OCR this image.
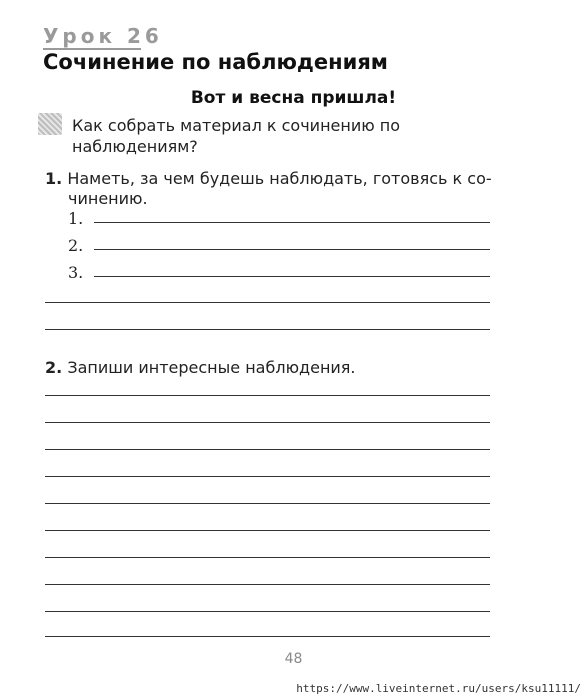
Урок 26
Сочинение по наблюдениям
Вот и весна пришла!
Как собрать материал к сочинению по наблюдениям?
1. Наметь, за чем будешь наблюдать, готовясь к со-
чинению.
1.
2.
3.
2. Запиши интересные наблюдения.
48
https://www.liveinternet.ru/users/ksu11111/
